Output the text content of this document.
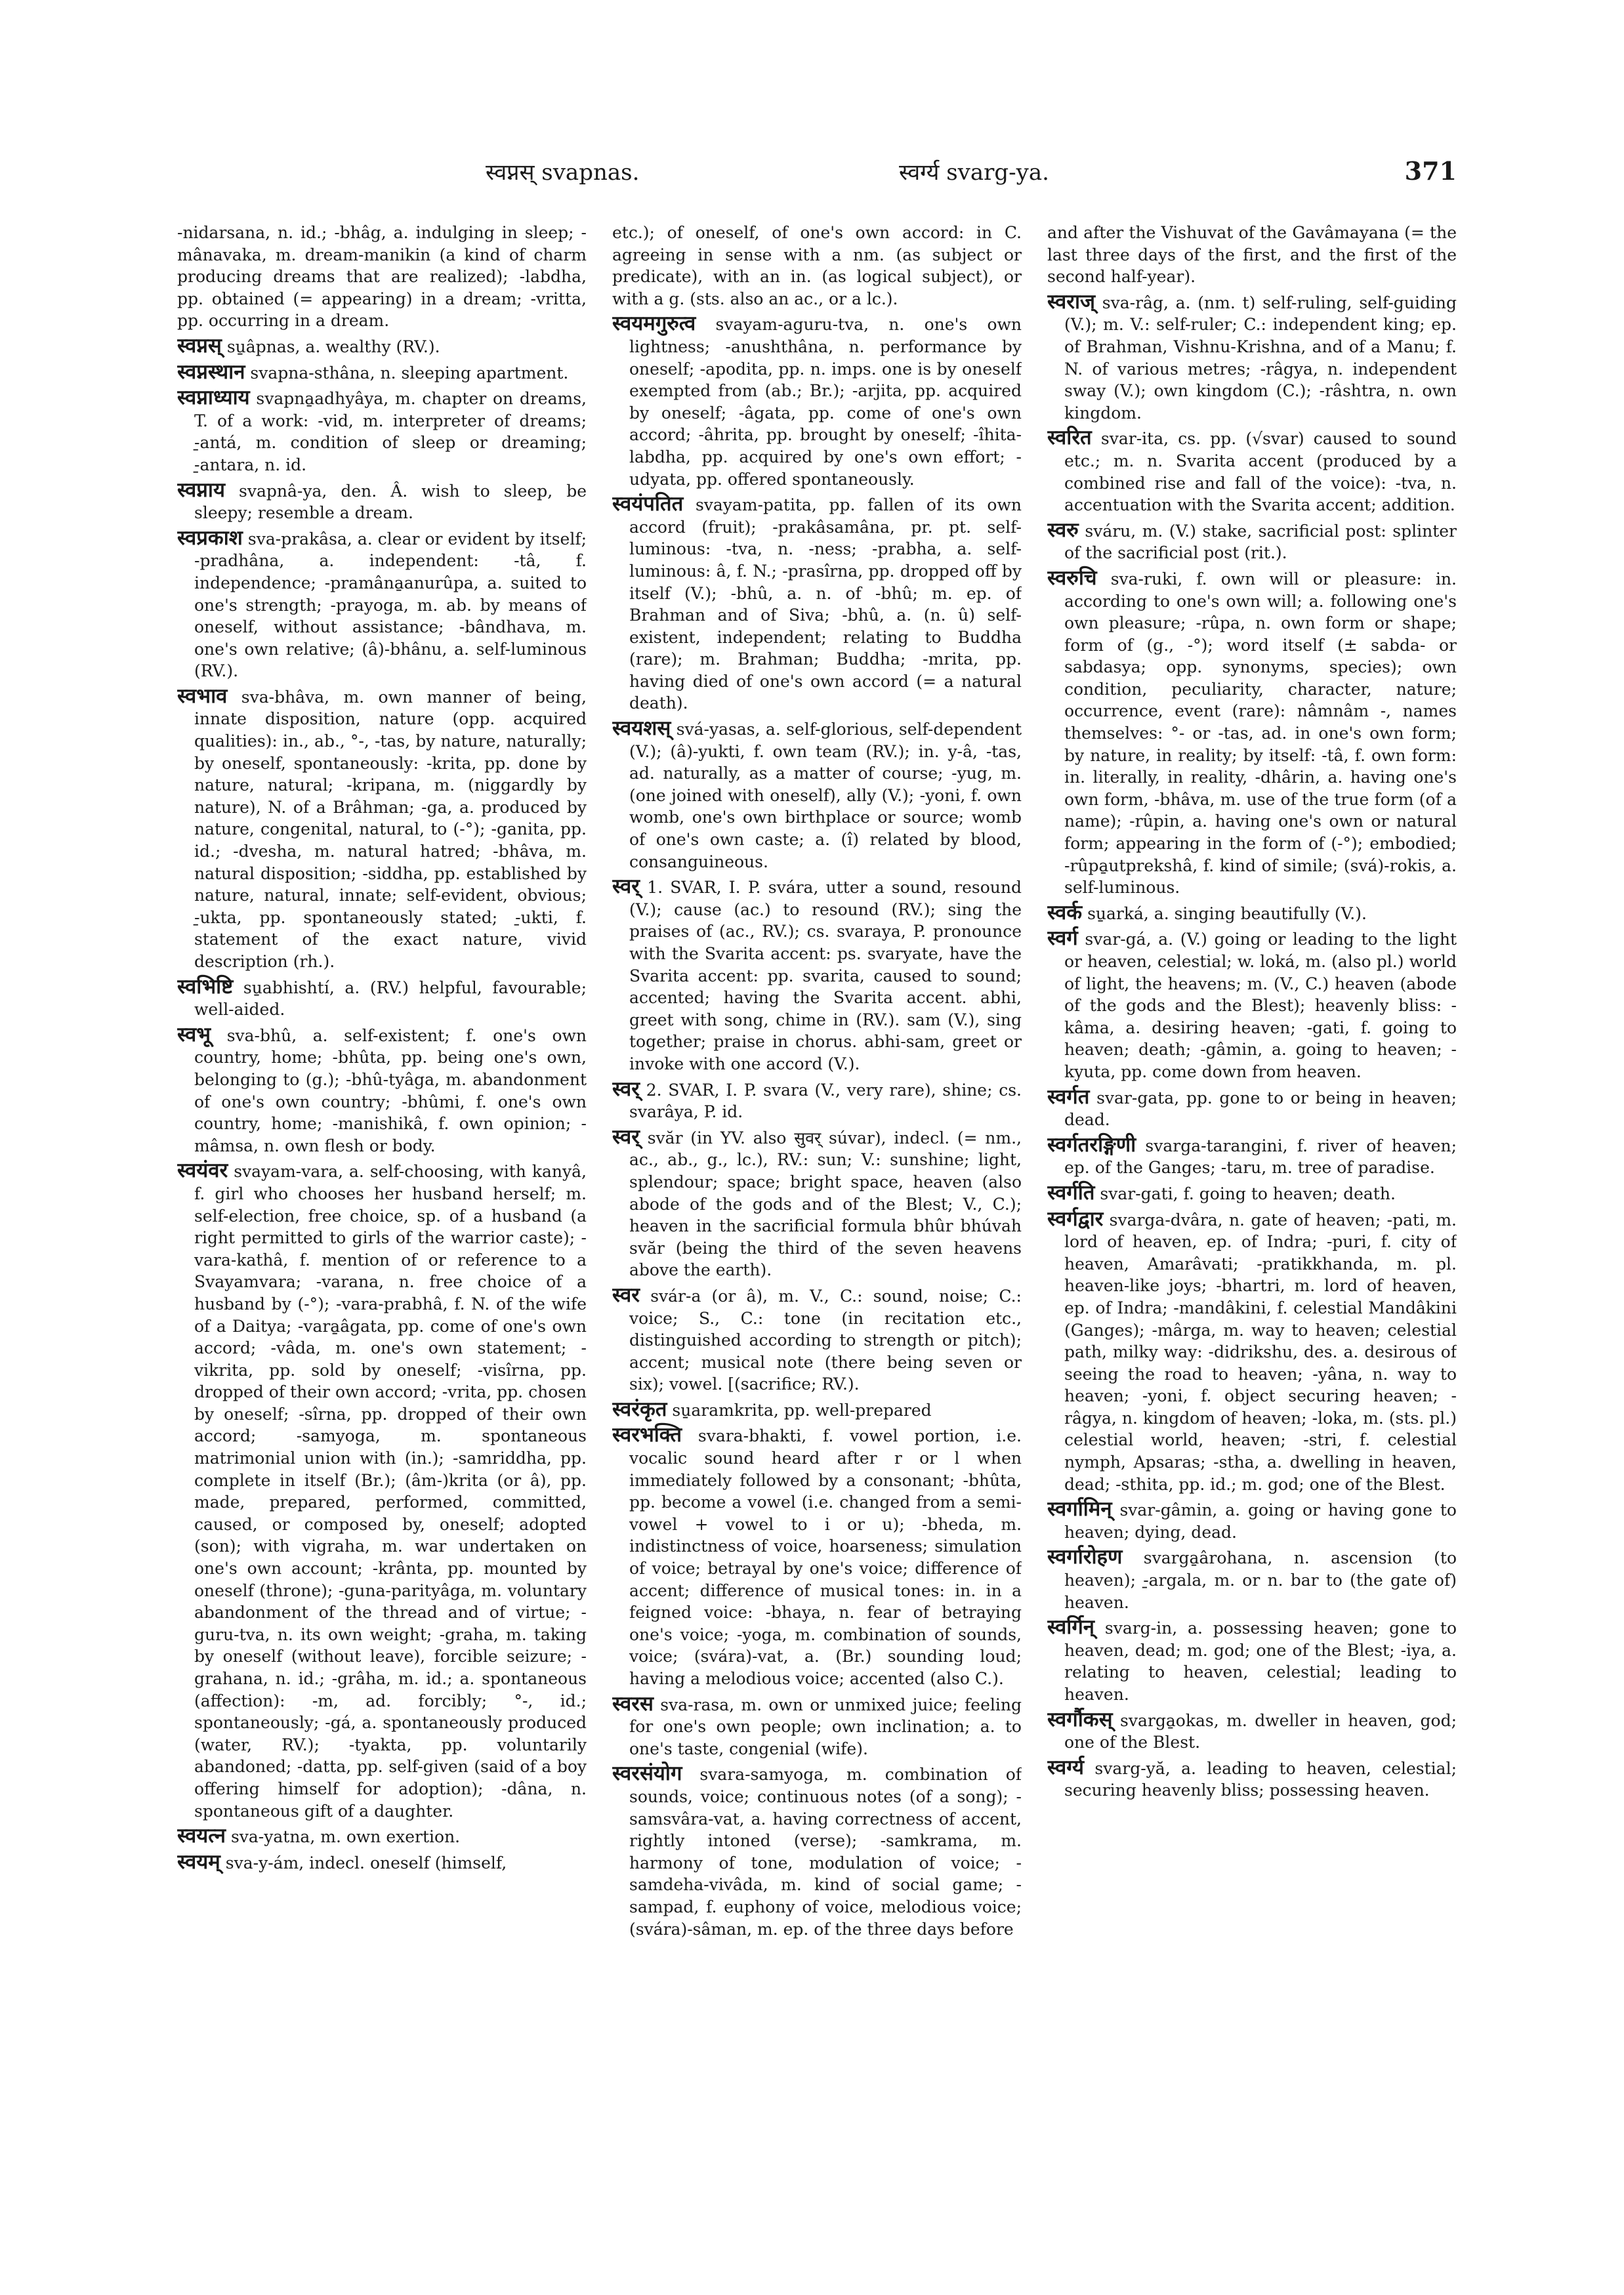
स्वप्नस् svapnas.	स्वर्ग्य svarg-ya.	371

-nidarsana, n. id.; -bhâg, a. indulging in sleep; -mânavaka, m. dream-manikin (a kind of charm producing dreams that are realized); -labdha, pp. obtained (= appearing) in a dream; -vritta, pp. occurring in a dream.

स्वप्नस् su̱âpnas, a. wealthy (RV.).

स्वप्नस्थान svapna-sthâna, n. sleeping apartment.

स्वप्नाध्याय svapna̱adhyâya, m. chapter on dreams, T. of a work: -vid, m. interpreter of dreams; -̱antá, m. condition of sleep or dreaming; -̱antara, n. id.

स्वप्नाय svapnâ-ya, den. Â. wish to sleep, be sleepy; resemble a dream.

स्वप्रकाश sva-prakâsa, a. clear or evident by itself; -pradhâna, a. independent: -tâ, f. independence; -pramâna̱anurûpa, a. suited to one's strength; -prayoga, m. ab. by means of oneself, without assistance; -bândhava, m. one's own relative; (â)-bhânu, a. self-luminous (RV.).

स्वभाव sva-bhâva, m. own manner of being, innate disposition, nature (opp. acquired qualities): in., ab., °-, -tas, by nature, naturally; by oneself, spontaneously: -krita, pp. done by nature, natural; -kripana, m. (niggardly by nature), N. of a Brâhman; -ga, a. produced by nature, congenital, natural, to (-°); -ganita, pp. id.; -dvesha, m. natural hatred; -bhâva, m. natural disposition; -siddha, pp. established by nature, natural, innate; self-evident, obvious; -̱ukta, pp. spontaneously stated; -̱ukti, f. statement of the exact nature, vivid description (rh.).

स्वभिष्टि su̱abhishtí, a. (RV.) helpful, favourable; well-aided.

स्वभू sva-bhû, a. self-existent; f. one's own country, home; -bhûta, pp. being one's own, belonging to (g.); -bhû-tyâga, m. abandonment of one's own country; -bhûmi, f. one's own country, home; -manishikâ, f. own opinion; -mâmsa, n. own flesh or body.

स्वयंवर svayam-vara, a. self-choosing, with kanyâ, f. girl who chooses her husband herself; m. self-election, free choice, sp. of a husband (a right permitted to girls of the warrior caste); -vara-kathâ, f. mention of or reference to a Svayamvara; -varana, n. free choice of a husband by (-°); -vara-prabhâ, f. N. of the wife of a Daitya; -vara̱âgata, pp. come of one's own accord; -vâda, m. one's own statement; -vikrita, pp. sold by oneself; -visîrna, pp. dropped of their own accord; -vrita, pp. chosen by oneself; -sîrna, pp. dropped of their own accord; -samyoga, m. spontaneous matrimonial union with (in.); -samriddha, pp. complete in itself (Br.); (âm-)krita (or â), pp. made, prepared, performed, committed, caused, or composed by, oneself; adopted (son); with vigraha, m. war undertaken on one's own account; -krânta, pp. mounted by oneself (throne); -guna-parityâga, m. voluntary abandonment of the thread and of virtue; -guru-tva, n. its own weight; -graha, m. taking by oneself (without leave), forcible seizure; -grahana, n. id.; -grâha, m. id.; a. spontaneous (affection): -m, ad. forcibly; °-, id.; spontaneously; -gá, a. spontaneously produced (water, RV.); -tyakta, pp. voluntarily abandoned; -datta, pp. self-given (said of a boy offering himself for adoption); -dâna, n. spontaneous gift of a daughter.

स्वयत्न sva-yatna, m. own exertion.

स्वयम् sva-y-ám, indecl. oneself (himself,

etc.); of oneself, of one's own accord: in C. agreeing in sense with a nm. (as subject or predicate), with an in. (as logical subject), or with a g. (sts. also an ac., or a lc.).

स्वयमगुरुत्व svayam-aguru-tva, n. one's own lightness; -anushthâna, n. performance by oneself; -apodita, pp. n. imps. one is by oneself exempted from (ab.; Br.); -arjita, pp. acquired by oneself; -âgata, pp. come of one's own accord; -âhrita, pp. brought by oneself; -îhita-labdha, pp. acquired by one's own effort; -udyata, pp. offered spontaneously.

स्वयंपतित svayam-patita, pp. fallen of its own accord (fruit); -prakâsamâna, pr. pt. self-luminous: -tva, n. -ness; -prabha, a. self-luminous: â, f. N.; -prasîrna, pp. dropped off by itself (V.); -bhû, a. n. of -bhû; m. ep. of Brahman and of Siva; -bhû, a. (n. û) self-existent, independent; relating to Buddha (rare); m. Brahman; Buddha; -mrita, pp. having died of one's own accord (= a natural death).

स्वयशस् svá-yasas, a. self-glorious, self-dependent (V.); (â)-yukti, f. own team (RV.); in. y-â, -tas, ad. naturally, as a matter of course; -yug, m. (one joined with oneself), ally (V.); -yoni, f. own womb, one's own birthplace or source; womb of one's own caste; a. (î) related by blood, consanguineous.

स्वर् 1. SVAR, I. P. svára, utter a sound, resound (V.); cause (ac.) to resound (RV.); sing the praises of (ac., RV.); cs. svaraya, P. pronounce with the Svarita accent: ps. svaryate, have the Svarita accent: pp. svarita, caused to sound; accented; having the Svarita accent. abhi, greet with song, chime in (RV.). sam (V.), sing together; praise in chorus. abhi-sam, greet or invoke with one accord (V.).

स्वर् 2. SVAR, I. P. svara (V., very rare), shine; cs. svarâya, P. id.

स्वर् svăr (in YV. also सुवर् súvar), indecl. (= nm., ac., ab., g., lc.), RV.: sun; V.: sunshine; light, splendour; space; bright space, heaven (also abode of the gods and of the Blest; V., C.); heaven in the sacrificial formula bhûr bhúvah svăr (being the third of the seven heavens above the earth).

स्वर svár-a (or â), m. V., C.: sound, noise; C.: voice; S., C.: tone (in recitation etc., distinguished according to strength or pitch); accent; musical note (there being seven or six); vowel. [(sacrifice; RV.).

स्वरंकृत su̱aramkrita, pp. well-prepared

स्वरभक्ति svara-bhakti, f. vowel portion, i.e. vocalic sound heard after r or l when immediately followed by a consonant; -bhûta, pp. become a vowel (i.e. changed from a semi-vowel + vowel to i or u); -bheda, m. indistinctness of voice, hoarseness; simulation of voice; betrayal by one's voice; difference of accent; difference of musical tones: in. in a feigned voice: -bhaya, n. fear of betraying one's voice; -yoga, m. combination of sounds, voice; (svára)-vat, a. (Br.) sounding loud; having a melodious voice; accented (also C.).

स्वरस sva-rasa, m. own or unmixed juice; feeling for one's own people; own inclination; a. to one's taste, congenial (wife).

स्वरसंयोग svara-samyoga, m. combination of sounds, voice; continuous notes (of a song); -samsvâra-vat, a. having correctness of accent, rightly intoned (verse); -samkrama, m. harmony of tone, modulation of voice; -samdeha-vivâda, m. kind of social game; -sampad, f. euphony of voice, melodious voice; (svára)-sâman, m. ep. of the three days before

and after the Vishuvat of the Gavâmayana (= the last three days of the first, and the first of the second half-year).

स्वराज् sva-râg, a. (nm. t) self-ruling, self-guiding (V.); m. V.: self-ruler; C.: independent king; ep. of Brahman, Vishnu-Krishna, and of a Manu; f. N. of various metres; -râgya, n. independent sway (V.); own kingdom (C.); -râshtra, n. own kingdom.

स्वरित svar-ita, cs. pp. (√svar) caused to sound etc.; m. n. Svarita accent (produced by a combined rise and fall of the voice): -tva, n. accentuation with the Svarita accent; addition.

स्वरु sváru, m. (V.) stake, sacrificial post: splinter of the sacrificial post (rit.).

स्वरुचि sva-ruki, f. own will or pleasure: in. according to one's own will; a. following one's own pleasure; -rûpa, n. own form or shape; form of (g., -°); word itself (± sabda- or sabdasya; opp. synonyms, species); own condition, peculiarity, character, nature; occurrence, event (rare): nâmnâm -, names themselves: °- or -tas, ad. in one's own form; by nature, in reality; by itself: -tâ, f. own form: in. literally, in reality, -dhârin, a. having one's own form, -bhâva, m. use of the true form (of a name); -rûpin, a. having one's own or natural form; appearing in the form of (-°); embodied; -rûpa̱utprekshâ, f. kind of simile; (svá)-rokis, a. self-luminous.

स्वर्क su̱arká, a. singing beautifully (V.).

स्वर्ग svar-gá, a. (V.) going or leading to the light or heaven, celestial; w. loká, m. (also pl.) world of light, the heavens; m. (V., C.) heaven (abode of the gods and the Blest); heavenly bliss: -kâma, a. desiring heaven; -gati, f. going to heaven; death; -gâmin, a. going to heaven; -kyuta, pp. come down from heaven.

स्वर्गत svar-gata, pp. gone to or being in heaven; dead.

स्वर्गतरङ्गिणी svarga-tarangini, f. river of heaven; ep. of the Ganges; -taru, m. tree of paradise.

स्वर्गति svar-gati, f. going to heaven; death.

स्वर्गद्वार svarga-dvâra, n. gate of heaven; -pati, m. lord of heaven, ep. of Indra; -puri, f. city of heaven, Amarâvati; -pratikkhanda, m. pl. heaven-like joys; -bhartri, m. lord of heaven, ep. of Indra; -mandâkini, f. celestial Mandâkini (Ganges); -mârga, m. way to heaven; celestial path, milky way: -didrikshu, des. a. desirous of seeing the road to heaven; -yâna, n. way to heaven; -yoni, f. object securing heaven; -râgya, n. kingdom of heaven; -loka, m. (sts. pl.) celestial world, heaven; -stri, f. celestial nymph, Apsaras; -stha, a. dwelling in heaven, dead; -sthita, pp. id.; m. god; one of the Blest.

स्वर्गामिन् svar-gâmin, a. going or having gone to heaven; dying, dead.

स्वर्गारोहण svarga̱ârohana, n. ascension (to heaven); -̱argala, m. or n. bar to (the gate of) heaven.

स्वर्गिन् svarg-in, a. possessing heaven; gone to heaven, dead; m. god; one of the Blest; -iya, a. relating to heaven, celestial; leading to heaven.

स्वर्गौकस् svarga̱okas, m. dweller in heaven, god; one of the Blest.

स्वर्ग्य svarg-yă, a. leading to heaven, celestial; securing heavenly bliss; possessing heaven.
